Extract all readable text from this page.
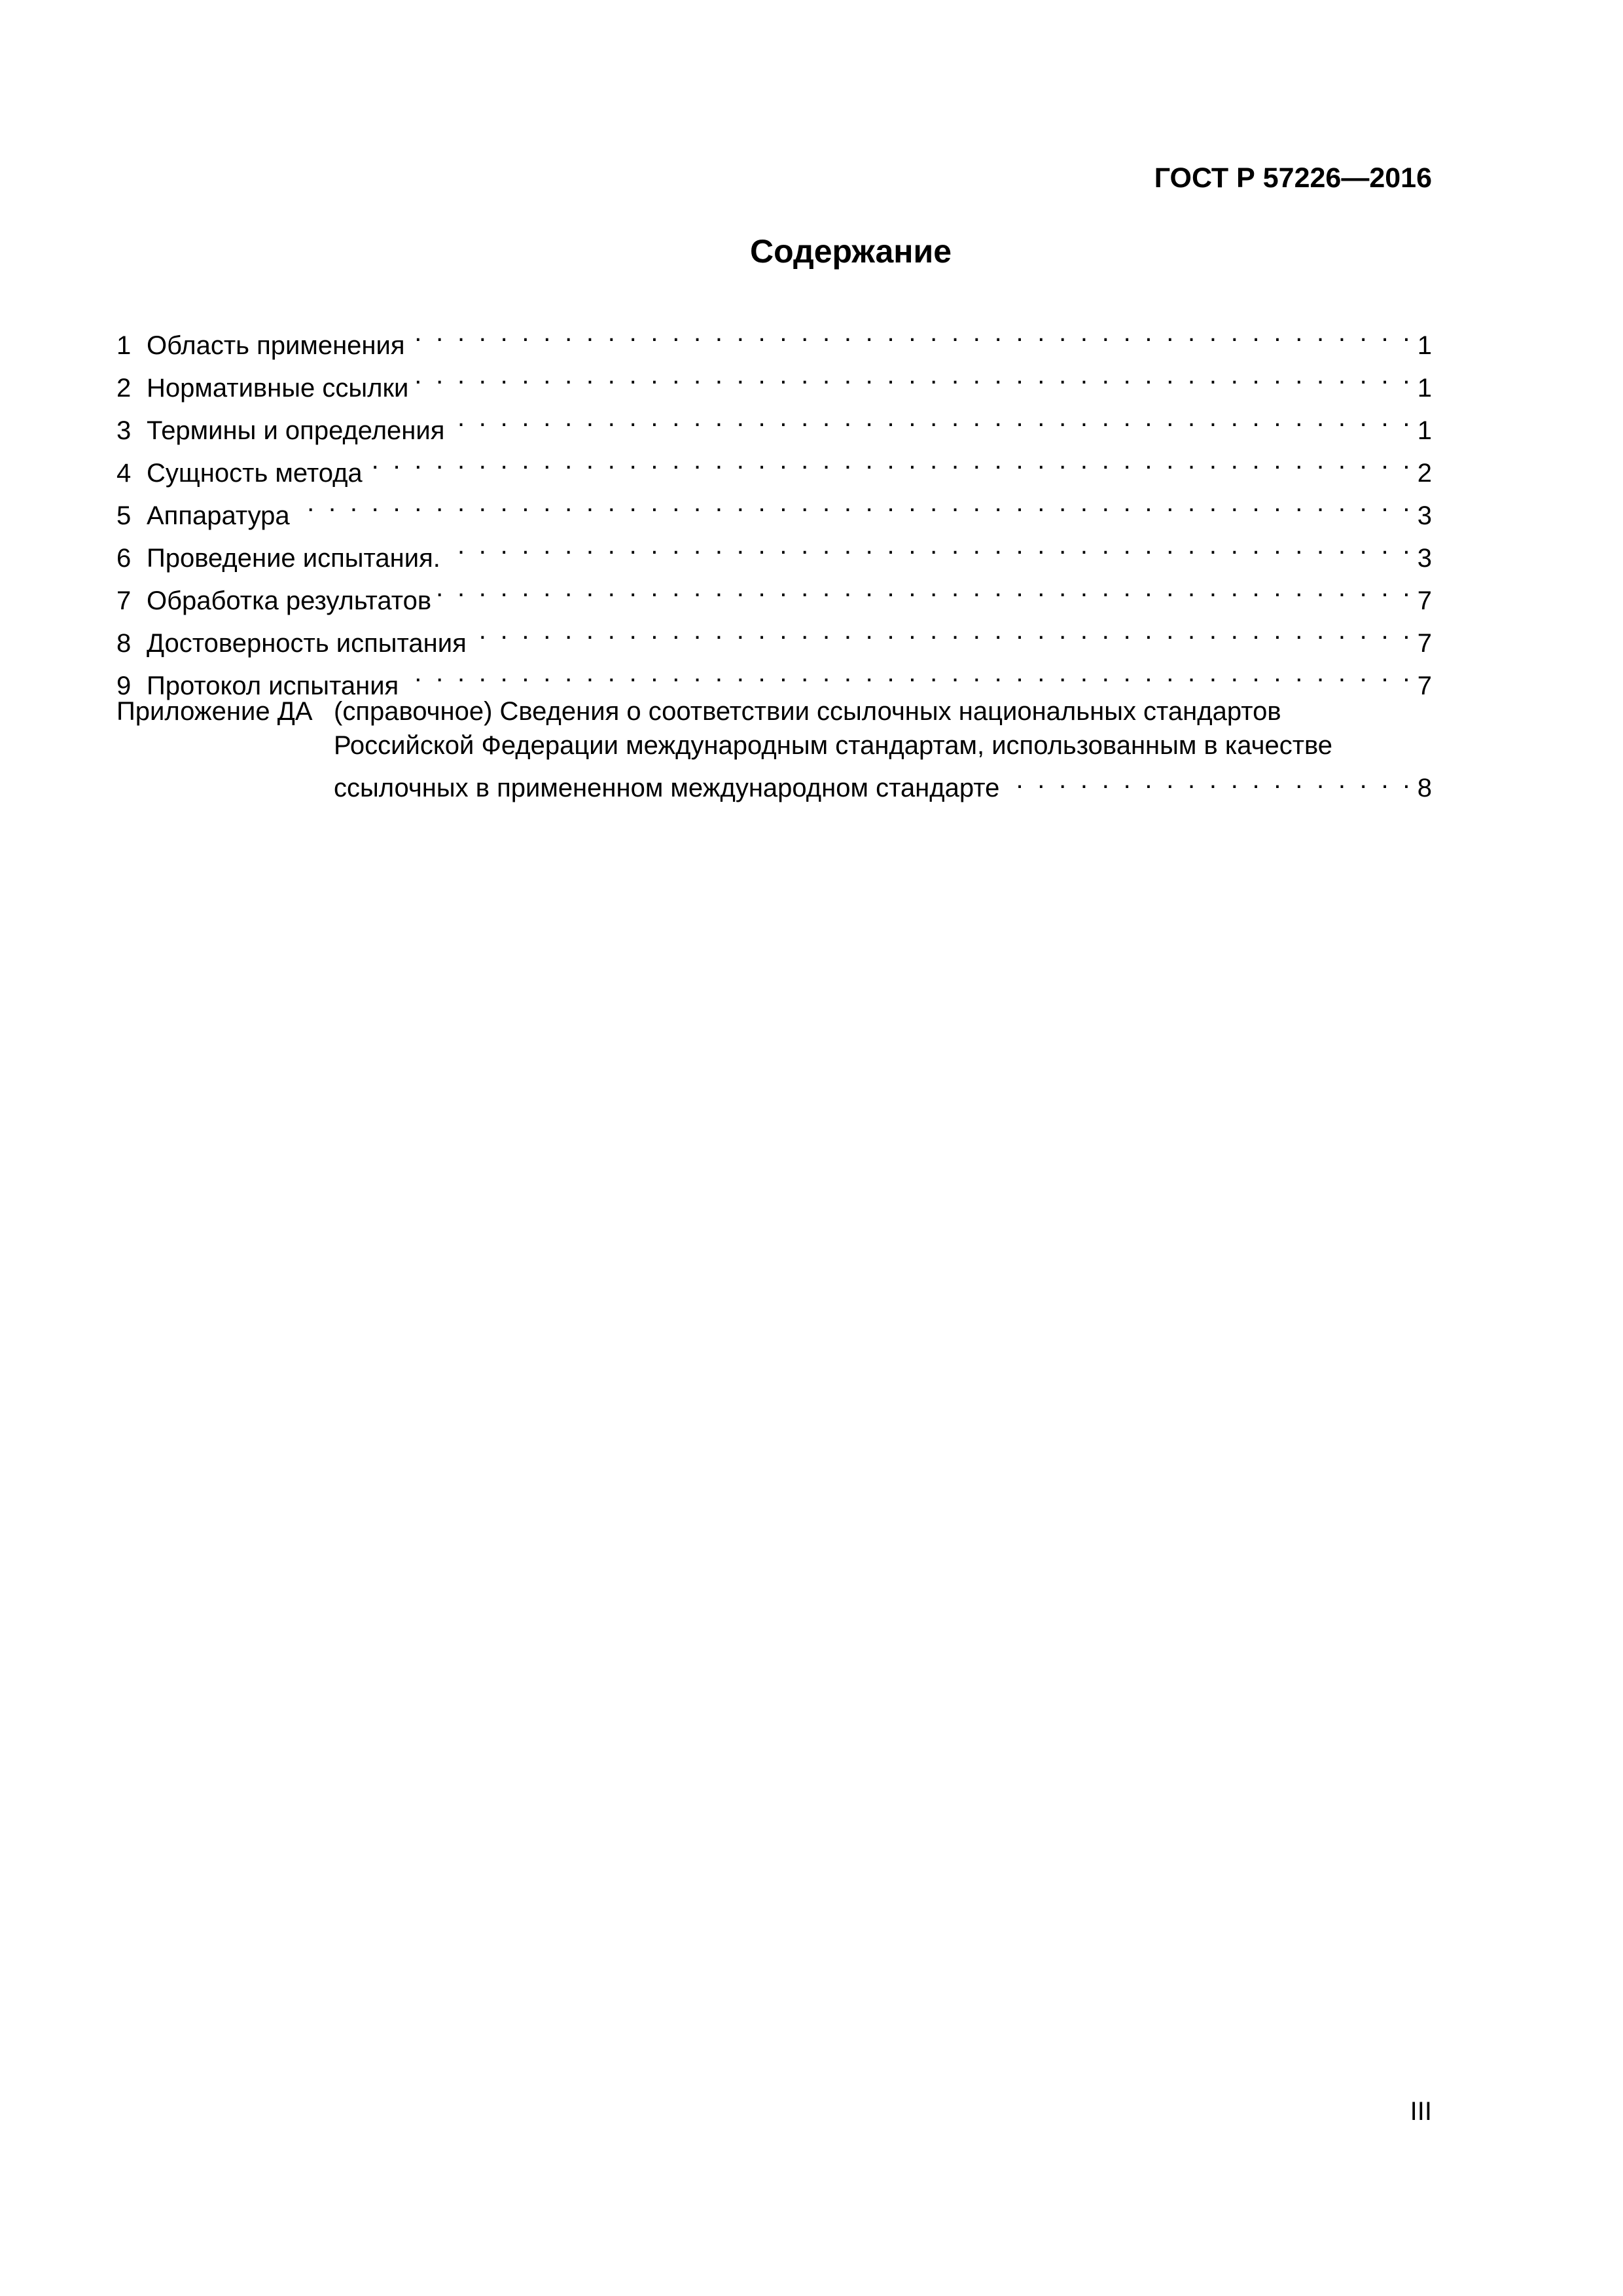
ГОСТ Р 57226—2016
Содержание
1 Область применения . . .	1
2 Нормативные ссылки . . .	1
3 Термины и определения . . .	1
4 Сущность метода . . .	2
5 Аппаратура . . .	3
6 Проведение испытания. . . .	3
7 Обработка результатов . . .	7
8 Достоверность испытания . . .	7
9 Протокол испытания . . .	7
Приложение ДА (справочное) Сведения о соответствии ссылочных национальных стандартов
Российской Федерации международным стандартам, использованным в качестве
ссылочных в примененном международном стандарте . . .	8
III
